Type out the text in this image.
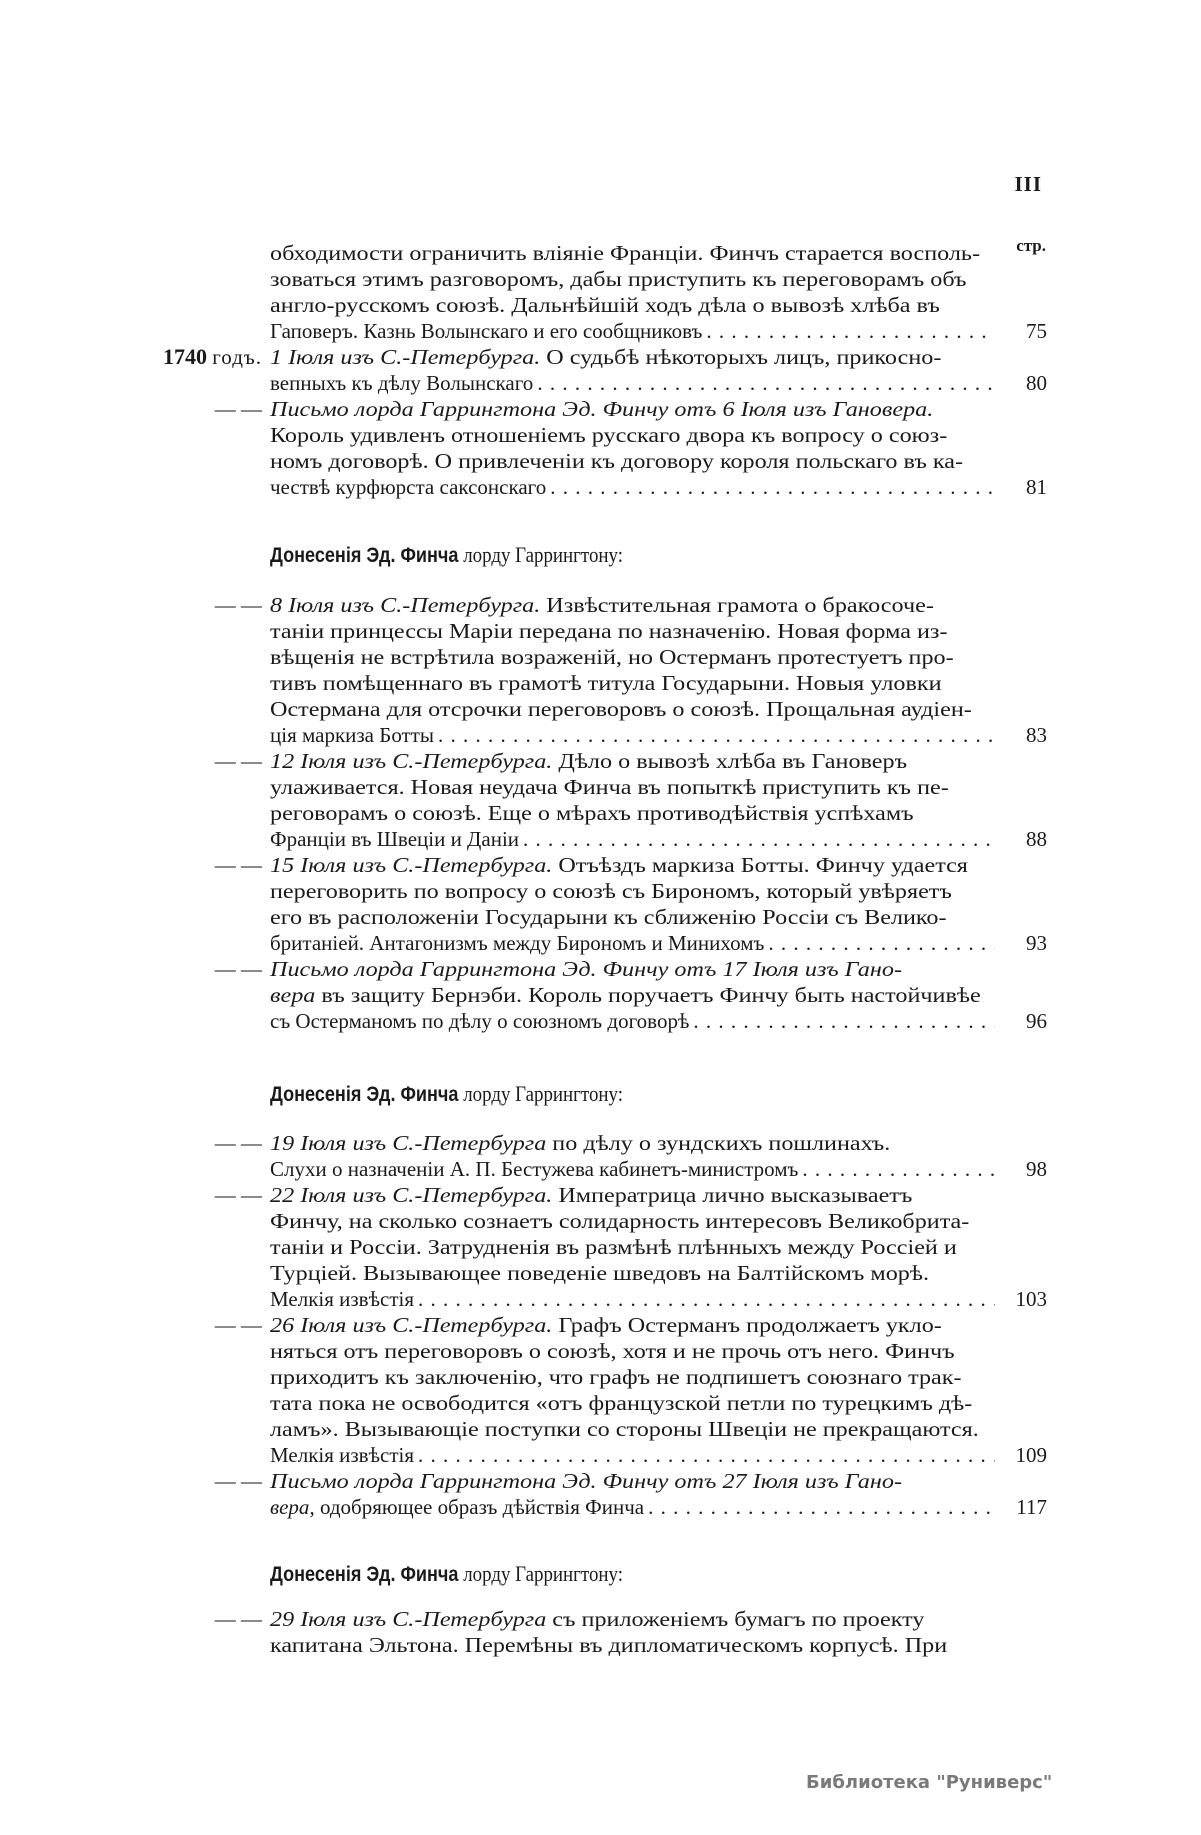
III
стр.
обходимости ограничить вліяніе Франціи. Финчъ старается восполь-
зоваться этимъ разговоромъ, дабы приступить къ переговорамъ объ
англо-русскомъ союзѣ. Дальнѣйшій ходъ дѣла о вывозѣ хлѣба въ
Гаповеръ. Казнь Волынскаго и его сообщниковъ . . .	75
1740 годъ. 1 Іюля изъ С.-Петербурга. О судьбѣ нѣкоторыхъ лицъ, прикосно-
вепныхъ къ дѣлу Волынскаго . . .	80
— — Письмо лорда Гаррингтона Эд. Финчу отъ 6 Іюля изъ Гановера.
Король удивленъ отношеніемъ русскаго двора къ вопросу о союз-
номъ договорѣ. О привлеченіи къ договору короля польскаго въ ка-
чествѣ курфюрста саксонскаго . . .	81
Донесенія Эд. Финча лорду Гаррингтону:
— — 8 Іюля изъ С.-Петербурга. Извѣстительная грамота о бракосоче-
таніи принцессы Маріи передана по назначенію. Новая форма из-
вѣщенія не встрѣтила возраженій, но Остерманъ протестуетъ про-
тивъ помѣщеннаго въ грамотѣ титула Государыни. Новыя уловки
Остермана для отсрочки переговоровъ о союзѣ. Прощальная аудіен-
ція маркиза Ботты . . .	83
— — 12 Іюля изъ С.-Петербурга. Дѣло о вывозѣ хлѣба въ Гановеръ
улаживается. Новая неудача Финча въ попыткѣ приступить къ пе-
реговорамъ о союзѣ. Еще о мѣрахъ противодѣйствія успѣхамъ
Франціи въ Швеціи и Даніи . . .	88
— — 15 Іюля изъ С.-Петербурга. Отъѣздъ маркиза Ботты. Финчу удается
переговорить по вопросу о союзѣ съ Бирономъ, который увѣряетъ
его въ расположеніи Государыни къ сближенію Россіи съ Велико-
британіей. Антагонизмъ между Бирономъ и Минихомъ . . .	93
— — Письмо лорда Гаррингтона Эд. Финчу отъ 17 Іюля изъ Гано-
вера въ защиту Бернэби. Король поручаетъ Финчу быть настойчивѣе
съ Остерманомъ по дѣлу о союзномъ договорѣ . . .	96
Донесенія Эд. Финча лорду Гаррингтону:
— — 19 Іюля изъ С.-Петербурга по дѣлу о зундскихъ пошлинахъ.
Слухи о назначеніи А. П. Бестужева кабинетъ-министромъ . . .	98
— — 22 Іюля изъ С.-Петербурга. Императрица лично высказываетъ
Финчу, на сколько сознаетъ солидарность интересовъ Великобрита-
таніи и Россіи. Затрудненія въ размѣнѣ плѣнныхъ между Россіей и
Турціей. Вызывающее поведеніе шведовъ на Балтійскомъ морѣ.
Мелкія извѣстія . . .	103
— — 26 Іюля изъ С.-Петербурга. Графъ Остерманъ продолжаетъ укло-
няться отъ переговоровъ о союзѣ, хотя и не прочь отъ него. Финчъ
приходитъ къ заключенію, что графъ не подпишетъ союзнаго трак-
тата пока не освободится «отъ французской петли по турецкимъ дѣ-
ламъ». Вызывающіе поступки со стороны Швеціи не прекращаются.
Мелкія извѣстія . . .	109
— — Письмо лорда Гаррингтона Эд. Финчу отъ 27 Іюля изъ Гано-
вера, одобряющее образъ дѣйствія Финча . . .	117
Донесенія Эд. Финча лорду Гаррингтону:
— — 29 Іюля изъ С.-Петербурга съ приложеніемъ бумагъ по проекту
капитана Эльтона. Перемѣны въ дипломатическомъ корпусѣ. При
Библиотека "Руниверс"
